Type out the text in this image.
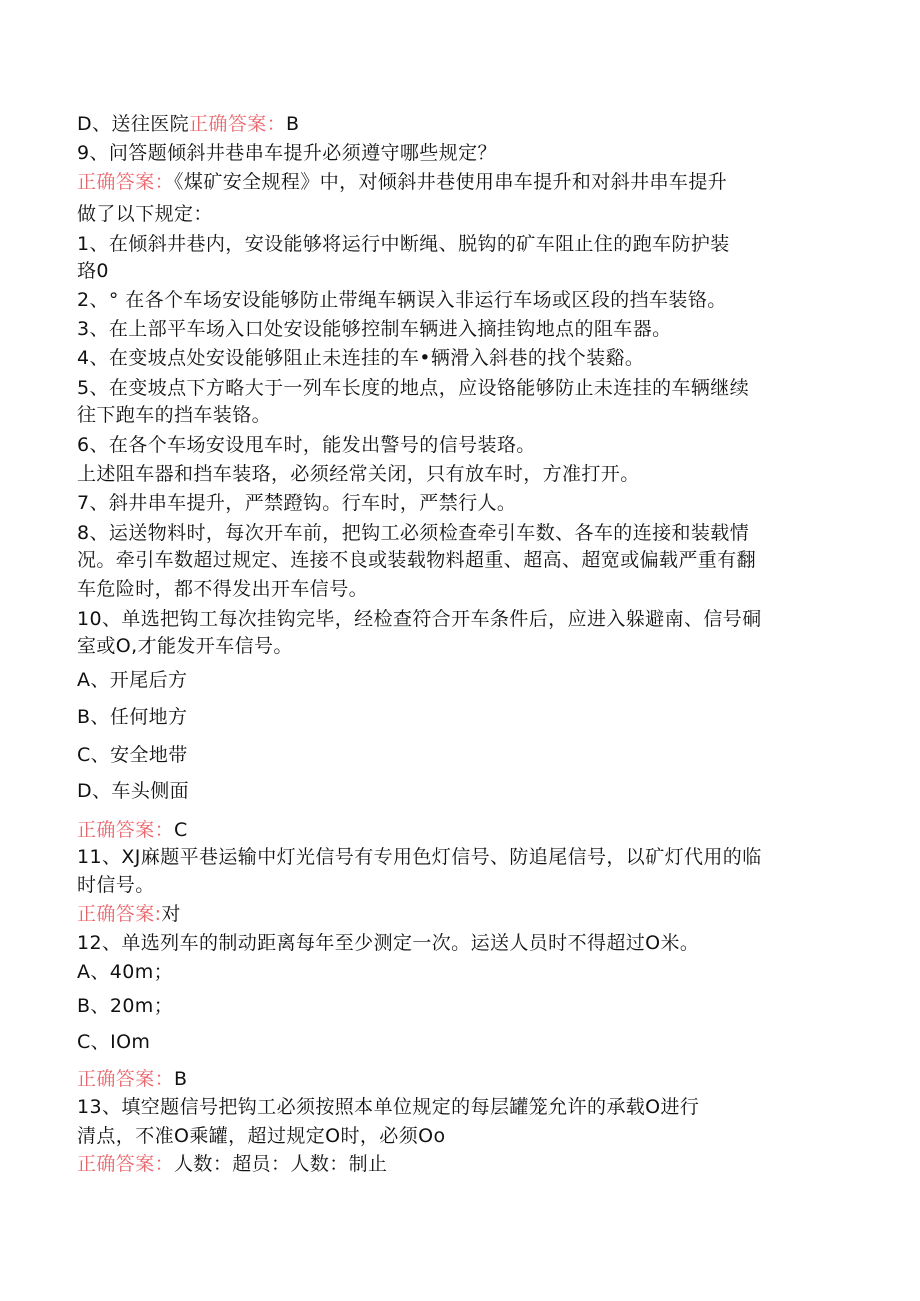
D、送往医院正确答案：B
9、问答题倾斜井巷串车提升必须遵守哪些规定？
正确答案：《煤矿安全规程》中，对倾斜井巷使用串车提升和对斜井串车提升
做了以下规定：
1、在倾斜井巷内，安设能够将运行中断绳、脱钩的矿车阻止住的跑车防护装
珞0
2、° 在各个车场安设能够防止带绳车辆误入非运行车场或区段的挡车装铬。
3、在上部平车场入口处安设能够控制车辆进入摘挂钩地点的阻车器。
4、在变坡点处安设能够阻止未连挂的车•辆滑入斜巷的找个装谿。
5、在变坡点下方略大于一列车长度的地点，应设铬能够防止未连挂的车辆继续
往下跑车的挡车装铬。
6、在各个车场安设甩车时，能发出警号的信号装珞。
上述阻车器和挡车装珞，必须经常关闭，只有放车时，方准打开。
7、斜井串车提升，严禁蹬钩。行车时，严禁行人。
8、运送物料时，每次开车前，把钩工必须检查牵引车数、各车的连接和装载情
况。牵引车数超过规定、连接不良或装载物料超重、超高、超宽或偏载严重有翻
车危险时，都不得发出开车信号。
10、单选把钩工每次挂钩完毕，经检查符合开车条件后，应进入躲避南、信号硐
室或O,才能发开车信号。
A、开尾后方
B、任何地方
C、安全地带
D、车头侧面
正确答案：C
11、XJ麻题平巷运输中灯光信号有专用色灯信号、防追尾信号，以矿灯代用的临
时信号。
正确答案:对
12、单选列车的制动距离每年至少测定一次。运送人员时不得超过O米。
A、40m；
B、20m；
C、IOm
正确答案：B
13、填空题信号把钩工必须按照本单位规定的每层罐笼允许的承载O进行
清点，不准O乘罐，超过规定O时，必须Oo
正确答案：人数：超员：人数：制止
